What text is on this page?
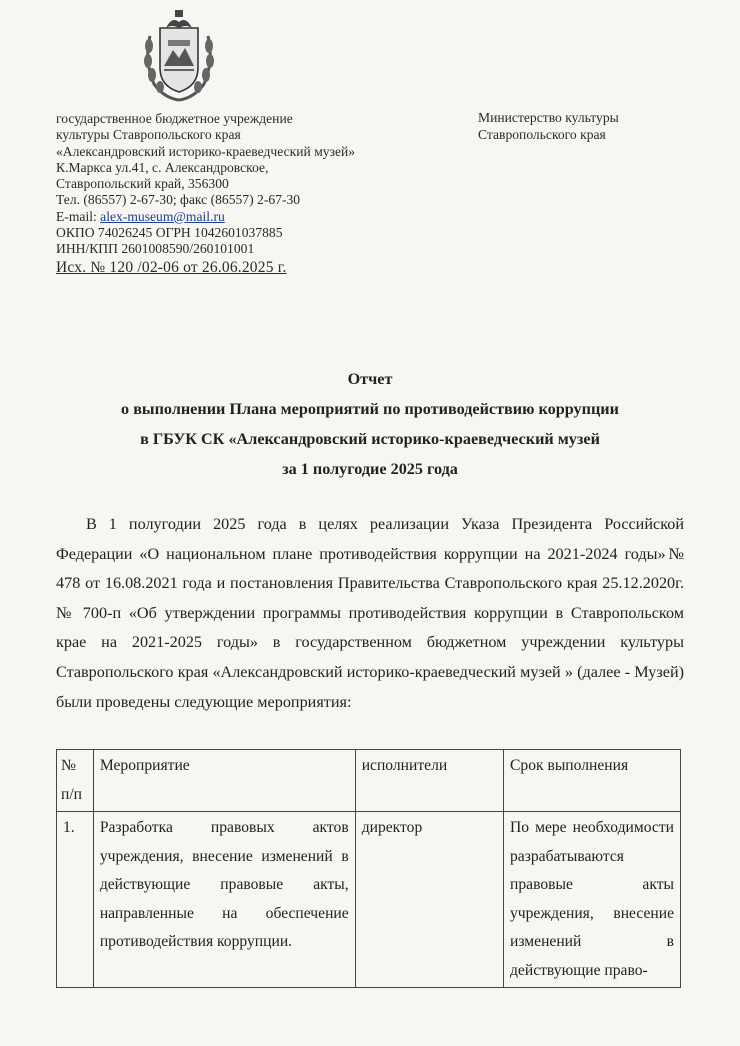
государственное бюджетное учреждение
культуры Ставропольского края
«Александровский историко-краеведческий музей»
К.Маркса ул.41, с. Александровское,
Ставропольский край, 356300
Тел. (86557) 2-67-30; факс (86557) 2-67-30
E-mail: alex-museum@mail.ru
ОКПО 74026245 ОГРН 1042601037885
ИНН/КПП 2601008590/260101001
Исх. № 120 /02-06 от 26.06.2025 г.
Министерство культуры
Ставропольского края
Отчет
о выполнении Плана мероприятий по противодействию коррупции
в ГБУК СК «Александровский историко-краеведческий музей
за 1 полугодие 2025 года

В 1 полугодии 2025 года в целях реализации Указа Президента Российской Федерации «О национальном плане противодействия коррупции на 2021-2024 годы»№ 478 от 16.08.2021 года и постановления Правительства Ставропольского края 25.12.2020г. № 700-п «Об утверждении программы противодействия коррупции в Ставропольском крае на 2021-2025 годы» в государственном бюджетном учреждении культуры Ставропольского края «Александровский историко-краеведческий музей » (далее - Музей) были проведены следующие мероприятия:

№ п/п	Мероприятие	исполнители	Срок выполнения
1.	Разработка правовых актов учреждения, внесение изменений в действующие правовые акты, направленные на обеспечение противодействия коррупции.	директор	По мере необходимости разрабатываются правовые акты учреждения, внесение изменений в действующие право-
